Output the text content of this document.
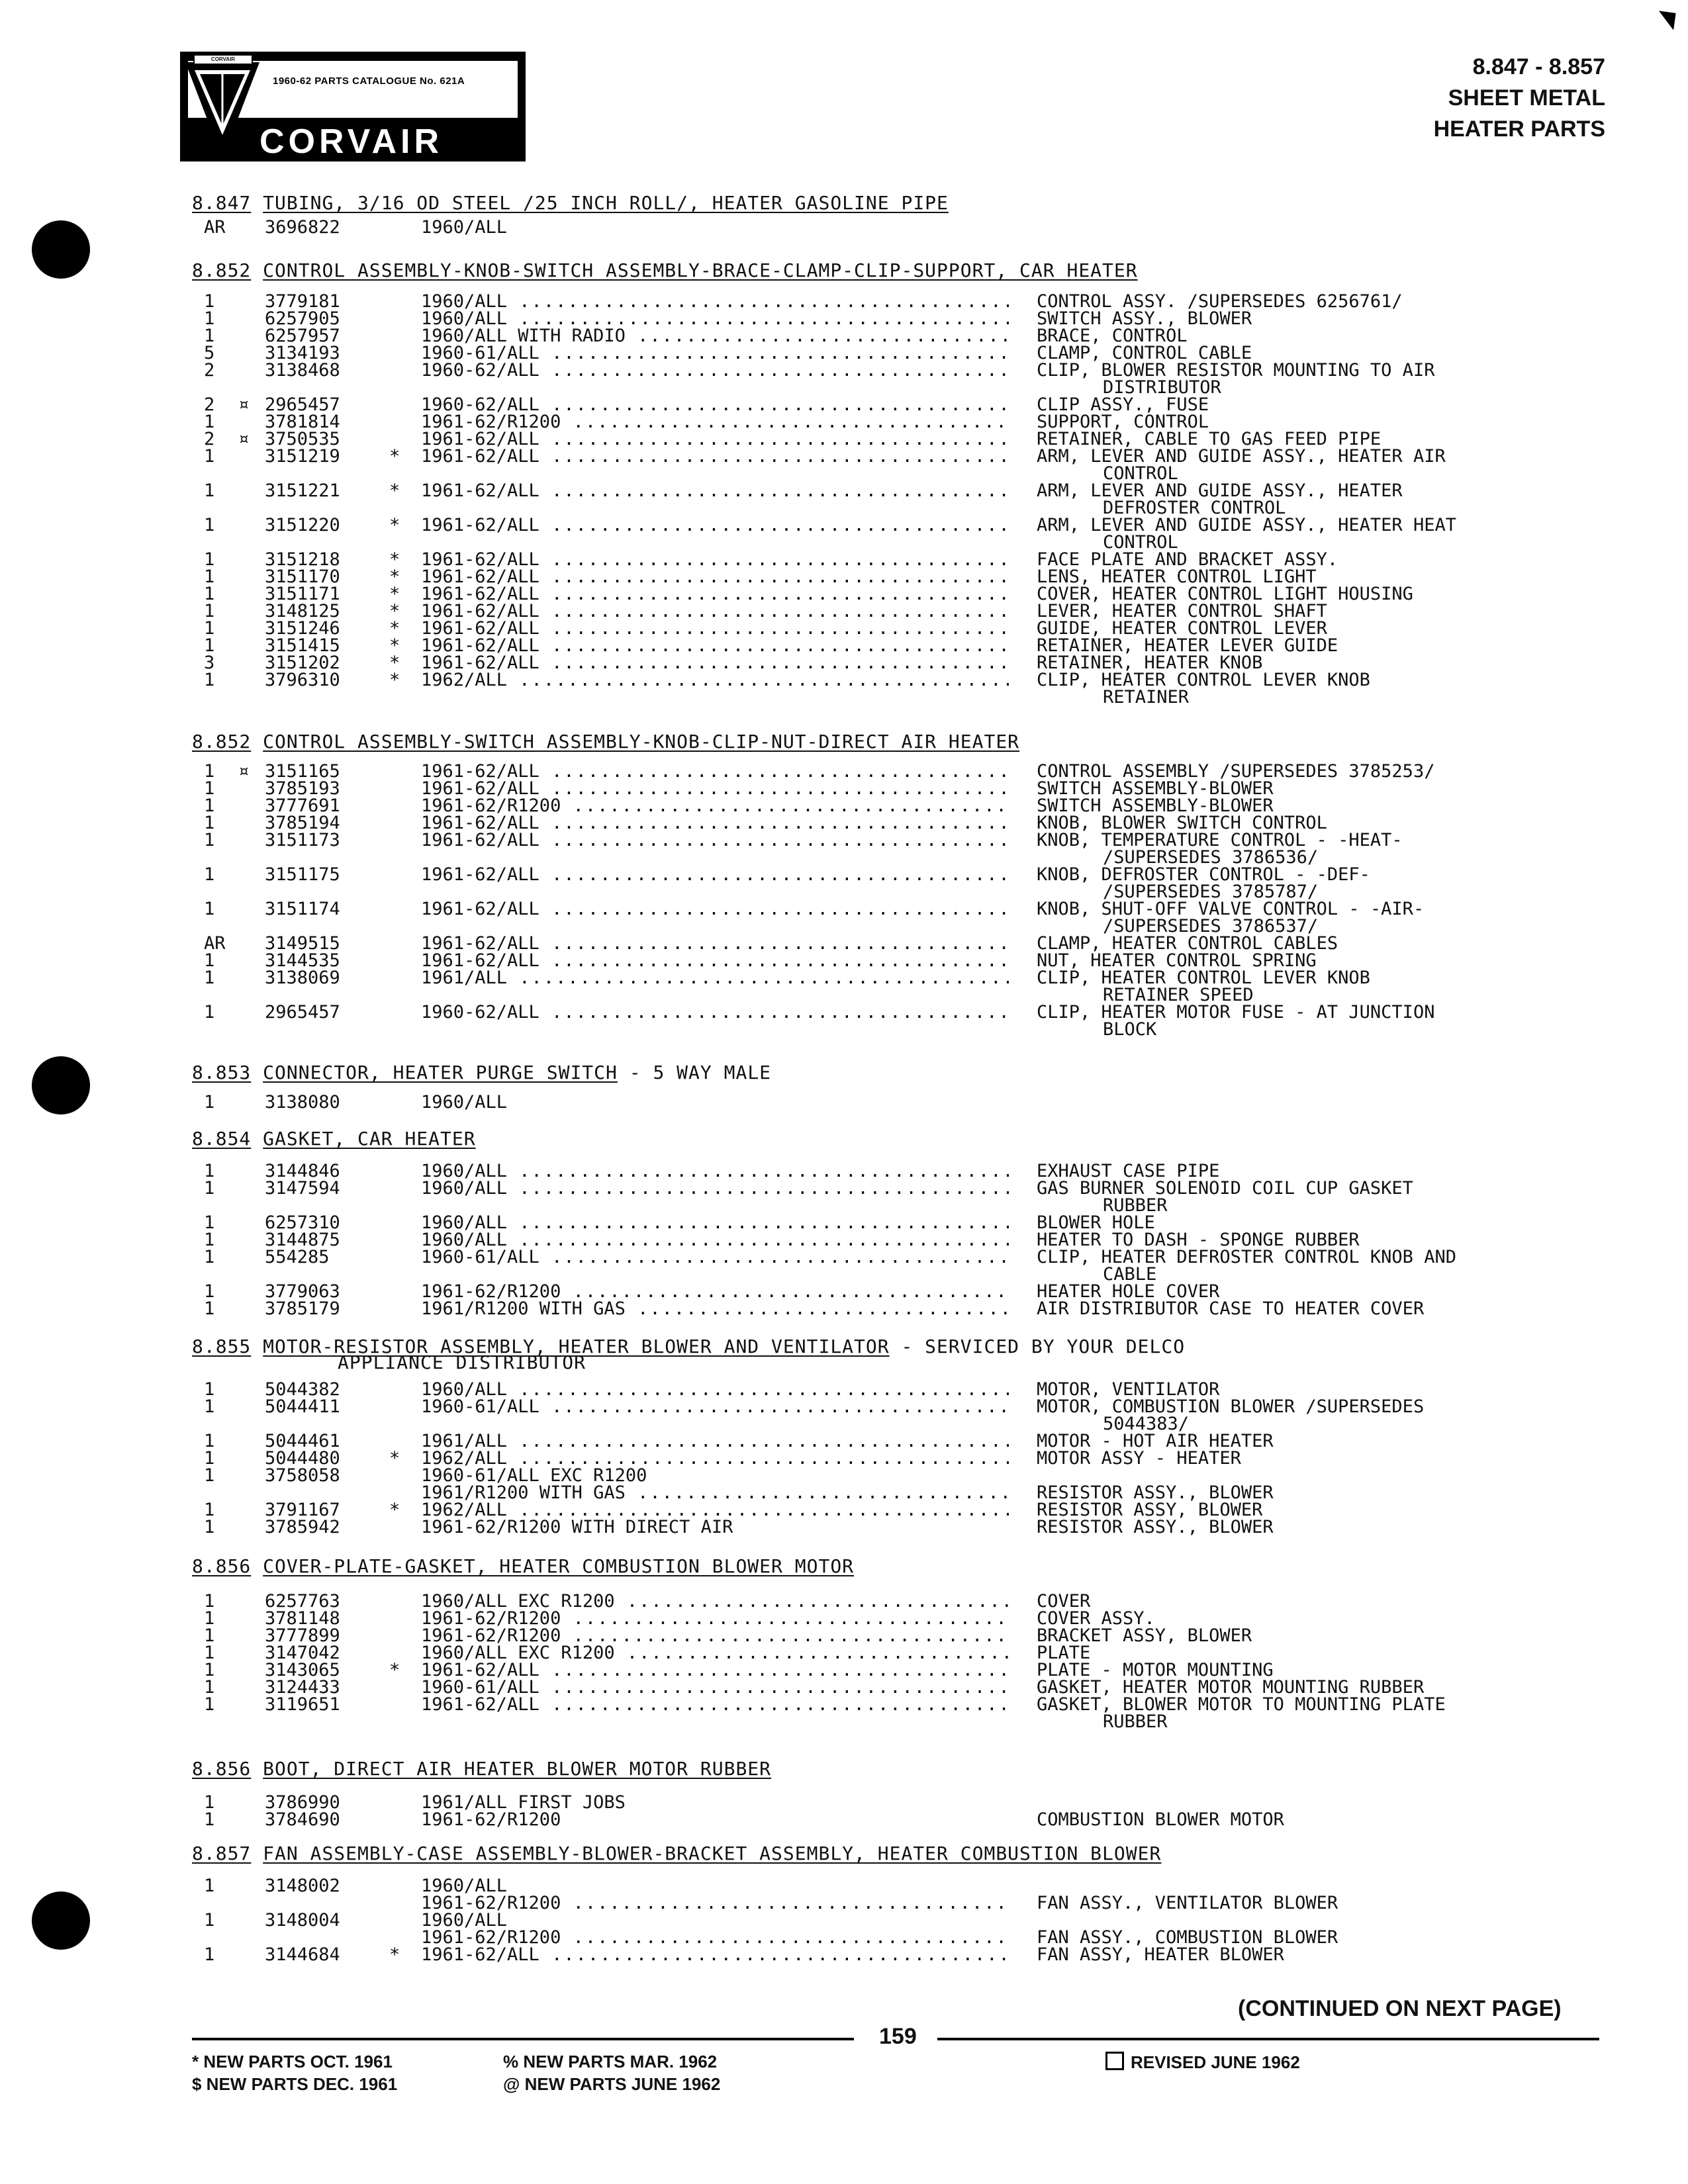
CORVAIR
1960-62 PARTS CATALOGUE No. 621A
CORVAIR
8.847 - 8.857
SHEET METAL
HEATER PARTS
8.847 TUBING, 3/16 OD STEEL /25 INCH ROLL/, HEATER GASOLINE PIPE
AR 3696822	1960/ALL
8.852 CONTROL ASSEMBLY-KNOB-SWITCH ASSEMBLY-BRACE-CLAMP-CLIP-SUPPORT, CAR HEATER
1	3779181	1960/ALL .....	CONTROL ASSY. /SUPERSEDES 6256761/
1	6257905	1960/ALL .....	SWITCH ASSY., BLOWER
1	6257957	1960/ALL WITH RADIO .....	BRACE, CONTROL
5	3134193	1960-61/ALL .....	CLAMP, CONTROL CABLE
2	3138468	1960-62/ALL .....	CLIP, BLOWER RESISTOR MOUNTING TO AIR
DISTRIBUTOR
2 ¤ 2965457	1960-62/ALL .....	CLIP ASSY., FUSE
1	3781814	1961-62/R1200 .....	SUPPORT, CONTROL
2 ¤ 3750535	1961-62/ALL .....	RETAINER, CABLE TO GAS FEED PIPE
1	3151219	* 1961-62/ALL .....	ARM, LEVER AND GUIDE ASSY., HEATER AIR
CONTROL
1	3151221	* 1961-62/ALL .....	ARM, LEVER AND GUIDE ASSY., HEATER
DEFROSTER CONTROL
1	3151220	* 1961-62/ALL .....	ARM, LEVER AND GUIDE ASSY., HEATER HEAT
CONTROL
1	3151218	* 1961-62/ALL .....	FACE PLATE AND BRACKET ASSY.
1	3151170	* 1961-62/ALL .....	LENS, HEATER CONTROL LIGHT
1	3151171	* 1961-62/ALL .....	COVER, HEATER CONTROL LIGHT HOUSING
1	3148125	* 1961-62/ALL .....	LEVER, HEATER CONTROL SHAFT
1	3151246	* 1961-62/ALL .....	GUIDE, HEATER CONTROL LEVER
1	3151415	* 1961-62/ALL .....	RETAINER, HEATER LEVER GUIDE
3	3151202	* 1961-62/ALL .....	RETAINER, HEATER KNOB
1	3796310	* 1962/ALL .....	CLIP, HEATER CONTROL LEVER KNOB
RETAINER
8.852 CONTROL ASSEMBLY-SWITCH ASSEMBLY-KNOB-CLIP-NUT-DIRECT AIR HEATER
1 ¤ 3151165	1961-62/ALL .....	CONTROL ASSEMBLY /SUPERSEDES 3785253/
1	3785193	1961-62/ALL .....	SWITCH ASSEMBLY-BLOWER
1	3777691	1961-62/R1200 .....	SWITCH ASSEMBLY-BLOWER
1	3785194	1961-62/ALL .....	KNOB, BLOWER SWITCH CONTROL
1	3151173	1961-62/ALL .....	KNOB, TEMPERATURE CONTROL - -HEAT-
/SUPERSEDES 3786536/
1	3151175	1961-62/ALL .....	KNOB, DEFROSTER CONTROL - -DEF-
/SUPERSEDES 3785787/
1	3151174	1961-62/ALL .....	KNOB, SHUT-OFF VALVE CONTROL - -AIR-
/SUPERSEDES 3786537/
AR 3149515	1961-62/ALL .....	CLAMP, HEATER CONTROL CABLES
1	3144535	1961-62/ALL .....	NUT, HEATER CONTROL SPRING
1	3138069	1961/ALL .....	CLIP, HEATER CONTROL LEVER KNOB
RETAINER SPEED
1	2965457	1960-62/ALL .....	CLIP, HEATER MOTOR FUSE - AT JUNCTION
BLOCK
8.853 CONNECTOR, HEATER PURGE SWITCH - 5 WAY MALE
1	3138080	1960/ALL
8.854 GASKET, CAR HEATER
1	3144846	1960/ALL .....	EXHAUST CASE PIPE
1	3147594	1960/ALL .....	GAS BURNER SOLENOID COIL CUP GASKET
RUBBER
1	6257310	1960/ALL .....	BLOWER HOLE
1	3144875	1960/ALL .....	HEATER TO DASH - SPONGE RUBBER
1	554285	1960-61/ALL .....	CLIP, HEATER DEFROSTER CONTROL KNOB AND
CABLE
1	3779063	1961-62/R1200 .....	HEATER HOLE COVER
1	3785179	1961/R1200 WITH GAS .....	AIR DISTRIBUTOR CASE TO HEATER COVER
8.855 MOTOR-RESISTOR ASSEMBLY, HEATER BLOWER AND VENTILATOR - SERVICED BY YOUR DELCO
APPLIANCE DISTRIBUTOR
1	5044382	1960/ALL .....	MOTOR, VENTILATOR
1	5044411	1960-61/ALL .....	MOTOR, COMBUSTION BLOWER /SUPERSEDES
5044383/
1	5044461	1961/ALL .....	MOTOR - HOT AIR HEATER
1	5044480	* 1962/ALL .....	MOTOR ASSY - HEATER
1	3758058	1960-61/ALL EXC R1200
1961/R1200 WITH GAS .....	RESISTOR ASSY., BLOWER
1	3791167	* 1962/ALL .....	RESISTOR ASSY, BLOWER
1	3785942	1961-62/R1200 WITH DIRECT AIR	RESISTOR ASSY., BLOWER
8.856 COVER-PLATE-GASKET, HEATER COMBUSTION BLOWER MOTOR
1	6257763	1960/ALL EXC R1200 .....	COVER
1	3781148	1961-62/R1200 .....	COVER ASSY.
1	3777899	1961-62/R1200 .....	BRACKET ASSY, BLOWER
1	3147042	1960/ALL EXC R1200 .....	PLATE
1	3143065	* 1961-62/ALL .....	PLATE - MOTOR MOUNTING
1	3124433	1960-61/ALL .....	GASKET, HEATER MOTOR MOUNTING RUBBER
1	3119651	1961-62/ALL .....	GASKET, BLOWER MOTOR TO MOUNTING PLATE
RUBBER
8.856 BOOT, DIRECT AIR HEATER BLOWER MOTOR RUBBER
1	3786990	1961/ALL FIRST JOBS
1	3784690	1961-62/R1200	COMBUSTION BLOWER MOTOR
8.857 FAN ASSEMBLY-CASE ASSEMBLY-BLOWER-BRACKET ASSEMBLY, HEATER COMBUSTION BLOWER
1	3148002	1960/ALL
1961-62/R1200 .....	FAN ASSY., VENTILATOR BLOWER
1	3148004	1960/ALL
1961-62/R1200 .....	FAN ASSY., COMBUSTION BLOWER
1	3144684	* 1961-62/ALL .....	FAN ASSY, HEATER BLOWER
(CONTINUED ON NEXT PAGE)
159
* NEW PARTS OCT. 1961
$ NEW PARTS DEC. 1961
% NEW PARTS MAR. 1962
@ NEW PARTS JUNE 1962
REVISED JUNE 1962
